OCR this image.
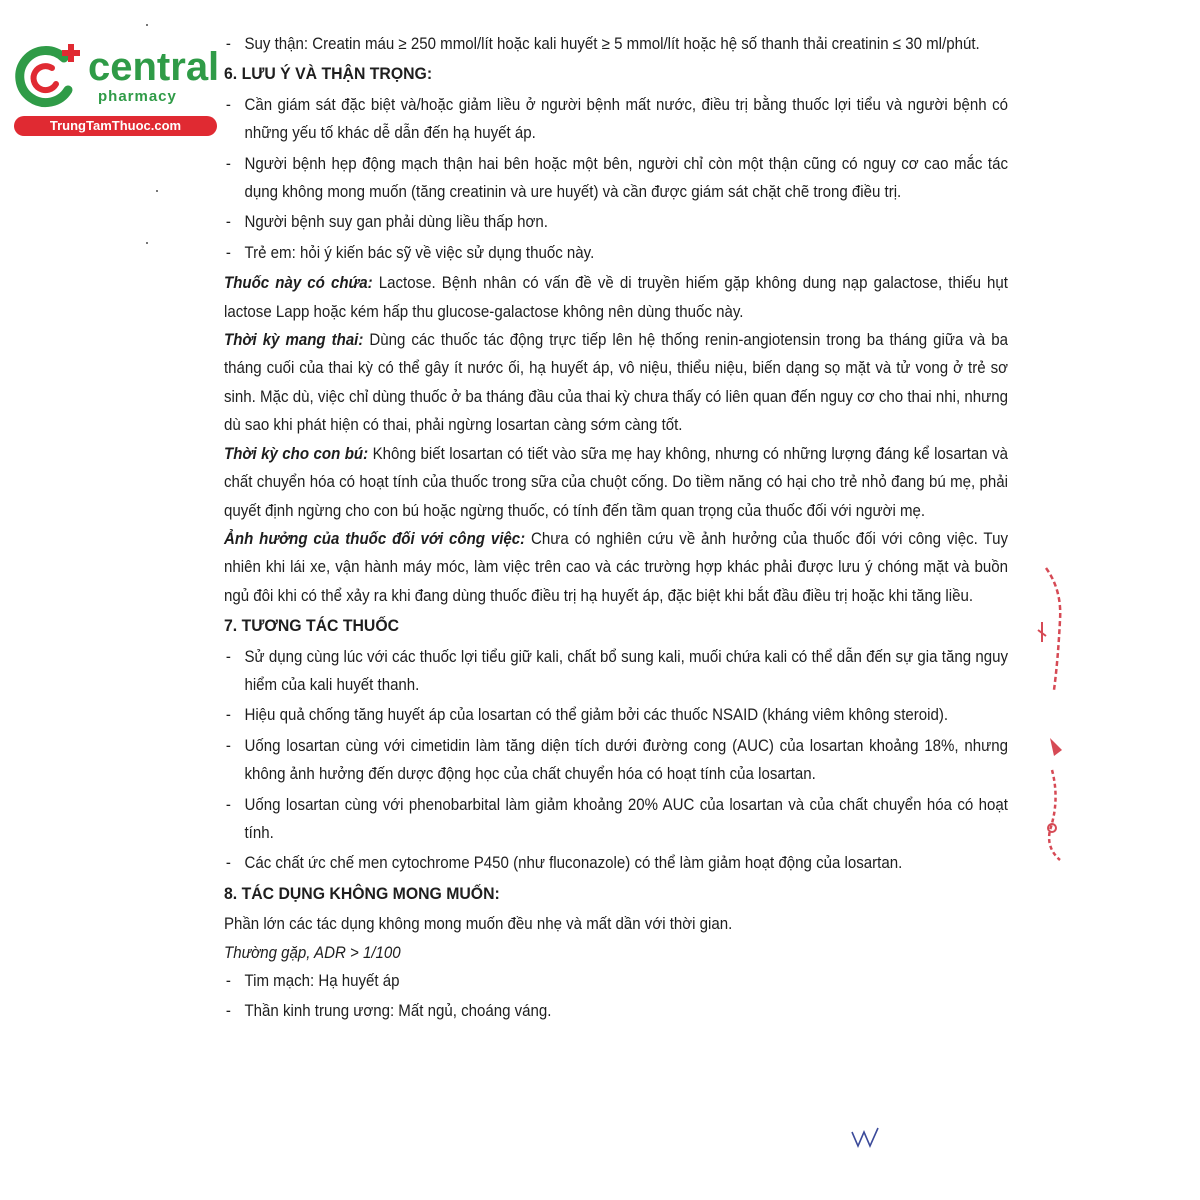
central
pharmacy
TrungTamThuoc.com
- Suy thận: Creatin máu ≥ 250 mmol/lít hoặc kali huyết ≥ 5 mmol/lít hoặc hệ số thanh thải creatinin ≤ 30 ml/phút.
6. LƯU Ý VÀ THẬN TRỌNG:
- Cần giám sát đặc biệt và/hoặc giảm liều ở người bệnh mất nước, điều trị bằng thuốc lợi tiểu và người bệnh có những yếu tố khác dễ dẫn đến hạ huyết áp.
- Người bệnh hẹp động mạch thận hai bên hoặc một bên, người chỉ còn một thận cũng có nguy cơ cao mắc tác dụng không mong muốn (tăng creatinin và ure huyết) và cần được giám sát chặt chẽ trong điều trị.
- Người bệnh suy gan phải dùng liều thấp hơn.
- Trẻ em: hỏi ý kiến bác sỹ về việc sử dụng thuốc này.

Thuốc này có chứa: Lactose. Bệnh nhân có vấn đề về di truyền hiếm gặp không dung nạp galactose, thiếu hụt lactose Lapp hoặc kém hấp thu glucose-galactose không nên dùng thuốc này.

Thời kỳ mang thai: Dùng các thuốc tác động trực tiếp lên hệ thống renin-angiotensin trong ba tháng giữa và ba tháng cuối của thai kỳ có thể gây ít nước ối, hạ huyết áp, vô niệu, thiểu niệu, biến dạng sọ mặt và tử vong ở trẻ sơ sinh. Mặc dù, việc chỉ dùng thuốc ở ba tháng đầu của thai kỳ chưa thấy có liên quan đến nguy cơ cho thai nhi, nhưng dù sao khi phát hiện có thai, phải ngừng losartan càng sớm càng tốt.

Thời kỳ cho con bú: Không biết losartan có tiết vào sữa mẹ hay không, nhưng có những lượng đáng kể losartan và chất chuyển hóa có hoạt tính của thuốc trong sữa của chuột cống. Do tiềm năng có hại cho trẻ nhỏ đang bú mẹ, phải quyết định ngừng cho con bú hoặc ngừng thuốc, có tính đến tầm quan trọng của thuốc đối với người mẹ.

Ảnh hưởng của thuốc đối với công việc: Chưa có nghiên cứu về ảnh hưởng của thuốc đối với công việc. Tuy nhiên khi lái xe, vận hành máy móc, làm việc trên cao và các trường hợp khác phải được lưu ý chóng mặt và buồn ngủ đôi khi có thể xảy ra khi đang dùng thuốc điều trị hạ huyết áp, đặc biệt khi bắt đầu điều trị hoặc khi tăng liều.

7. TƯƠNG TÁC THUỐC
- Sử dụng cùng lúc với các thuốc lợi tiểu giữ kali, chất bổ sung kali, muối chứa kali có thể dẫn đến sự gia tăng nguy hiểm của kali huyết thanh.
- Hiệu quả chống tăng huyết áp của losartan có thể giảm bởi các thuốc NSAID (kháng viêm không steroid).
- Uống losartan cùng với cimetidin làm tăng diện tích dưới đường cong (AUC) của losartan khoảng 18%, nhưng không ảnh hưởng đến dược động học của chất chuyển hóa có hoạt tính của losartan.
- Uống losartan cùng với phenobarbital làm giảm khoảng 20% AUC của losartan và của chất chuyển hóa có hoạt tính.
- Các chất ức chế men cytochrome P450 (như fluconazole) có thể làm giảm hoạt động của losartan.
8. TÁC DỤNG KHÔNG MONG MUỐN:

Phần lớn các tác dụng không mong muốn đều nhẹ và mất dần với thời gian.

Thường gặp, ADR > 1/100

- Tim mạch: Hạ huyết áp
- Thần kinh trung ương: Mất ngủ, choáng váng.
